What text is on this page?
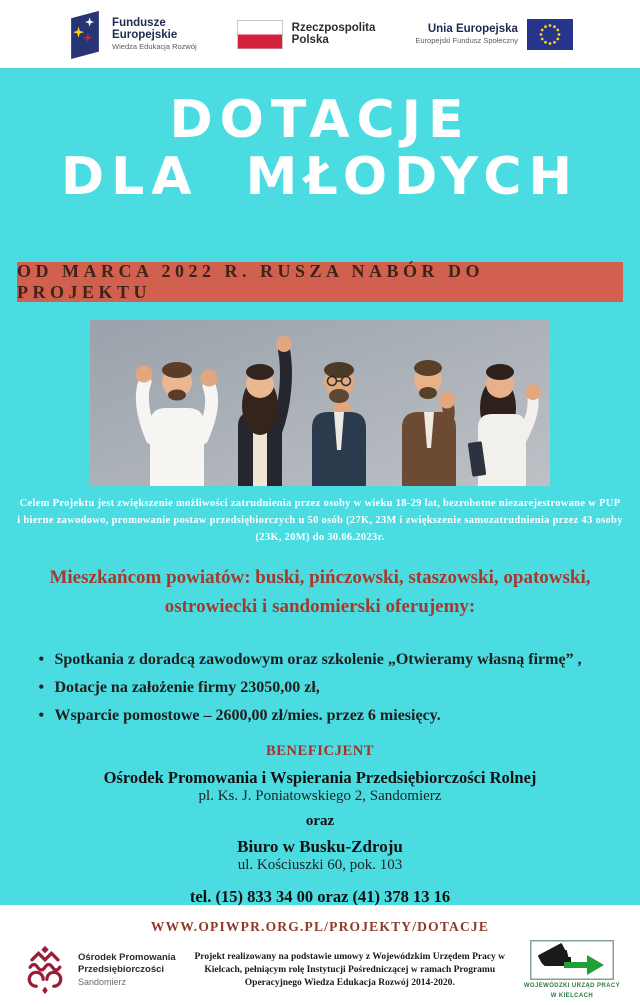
Fundusze
Europejskie
Wiedza Edukacja Rozwój
Rzeczpospolita
Polska
Unia Europejska
Europejski Fundusz Społeczny
DOTACJE
DLA MŁODYCH
OD MARCA 2022 R. RUSZA NABÓR DO PROJEKTU

Celem Projektu jest zwiększenie możliwości zatrudnienia przez osoby w wieku 18-29 lat, bezrobotne niezarejestrowane w PUP i bierne zawodowo, promowanie postaw przedsiębiorczych u 50 osób (27K, 23M i zwiększenie samozatrudnienia przez 43 osoby (23K, 20M) do 30.06.2023r.

Mieszkańcom powiatów: buski, pińczowski, staszowski, opatowski, ostrowiecki i sandomierski oferujemy:
• Spotkania z doradcą zawodowym oraz szkolenie „Otwieramy własną firmę” ,
• Dotacje na założenie firmy 23050,00 zł,
• Wsparcie pomostowe – 2600,00 zł/mies. przez 6 miesięcy.
BENEFICJENT
Ośrodek Promowania i Wspierania Przedsiębiorczości Rolnej
pl. Ks. J. Poniatowskiego 2, Sandomierz
oraz
Biuro w Busku-Zdroju
ul. Kościuszki 60, pok. 103
tel. (15) 833 34 00 oraz (41) 378 13 16
WWW.OPIWPR.ORG.PL/PROJEKTY/DOTACJE
Ośrodek Promowania
Przedsiębiorczości
Sandomierz
Projekt realizowany na podstawie umowy z Wojewódzkim Urzędem Pracy w Kielcach, pełniącym rolę Instytucji Pośredniczącej w ramach Programu Operacyjnego Wiedza Edukacja Rozwój 2014-2020.	WOJEWÓDZKI URZĄD PRACY
W KIELCACH
